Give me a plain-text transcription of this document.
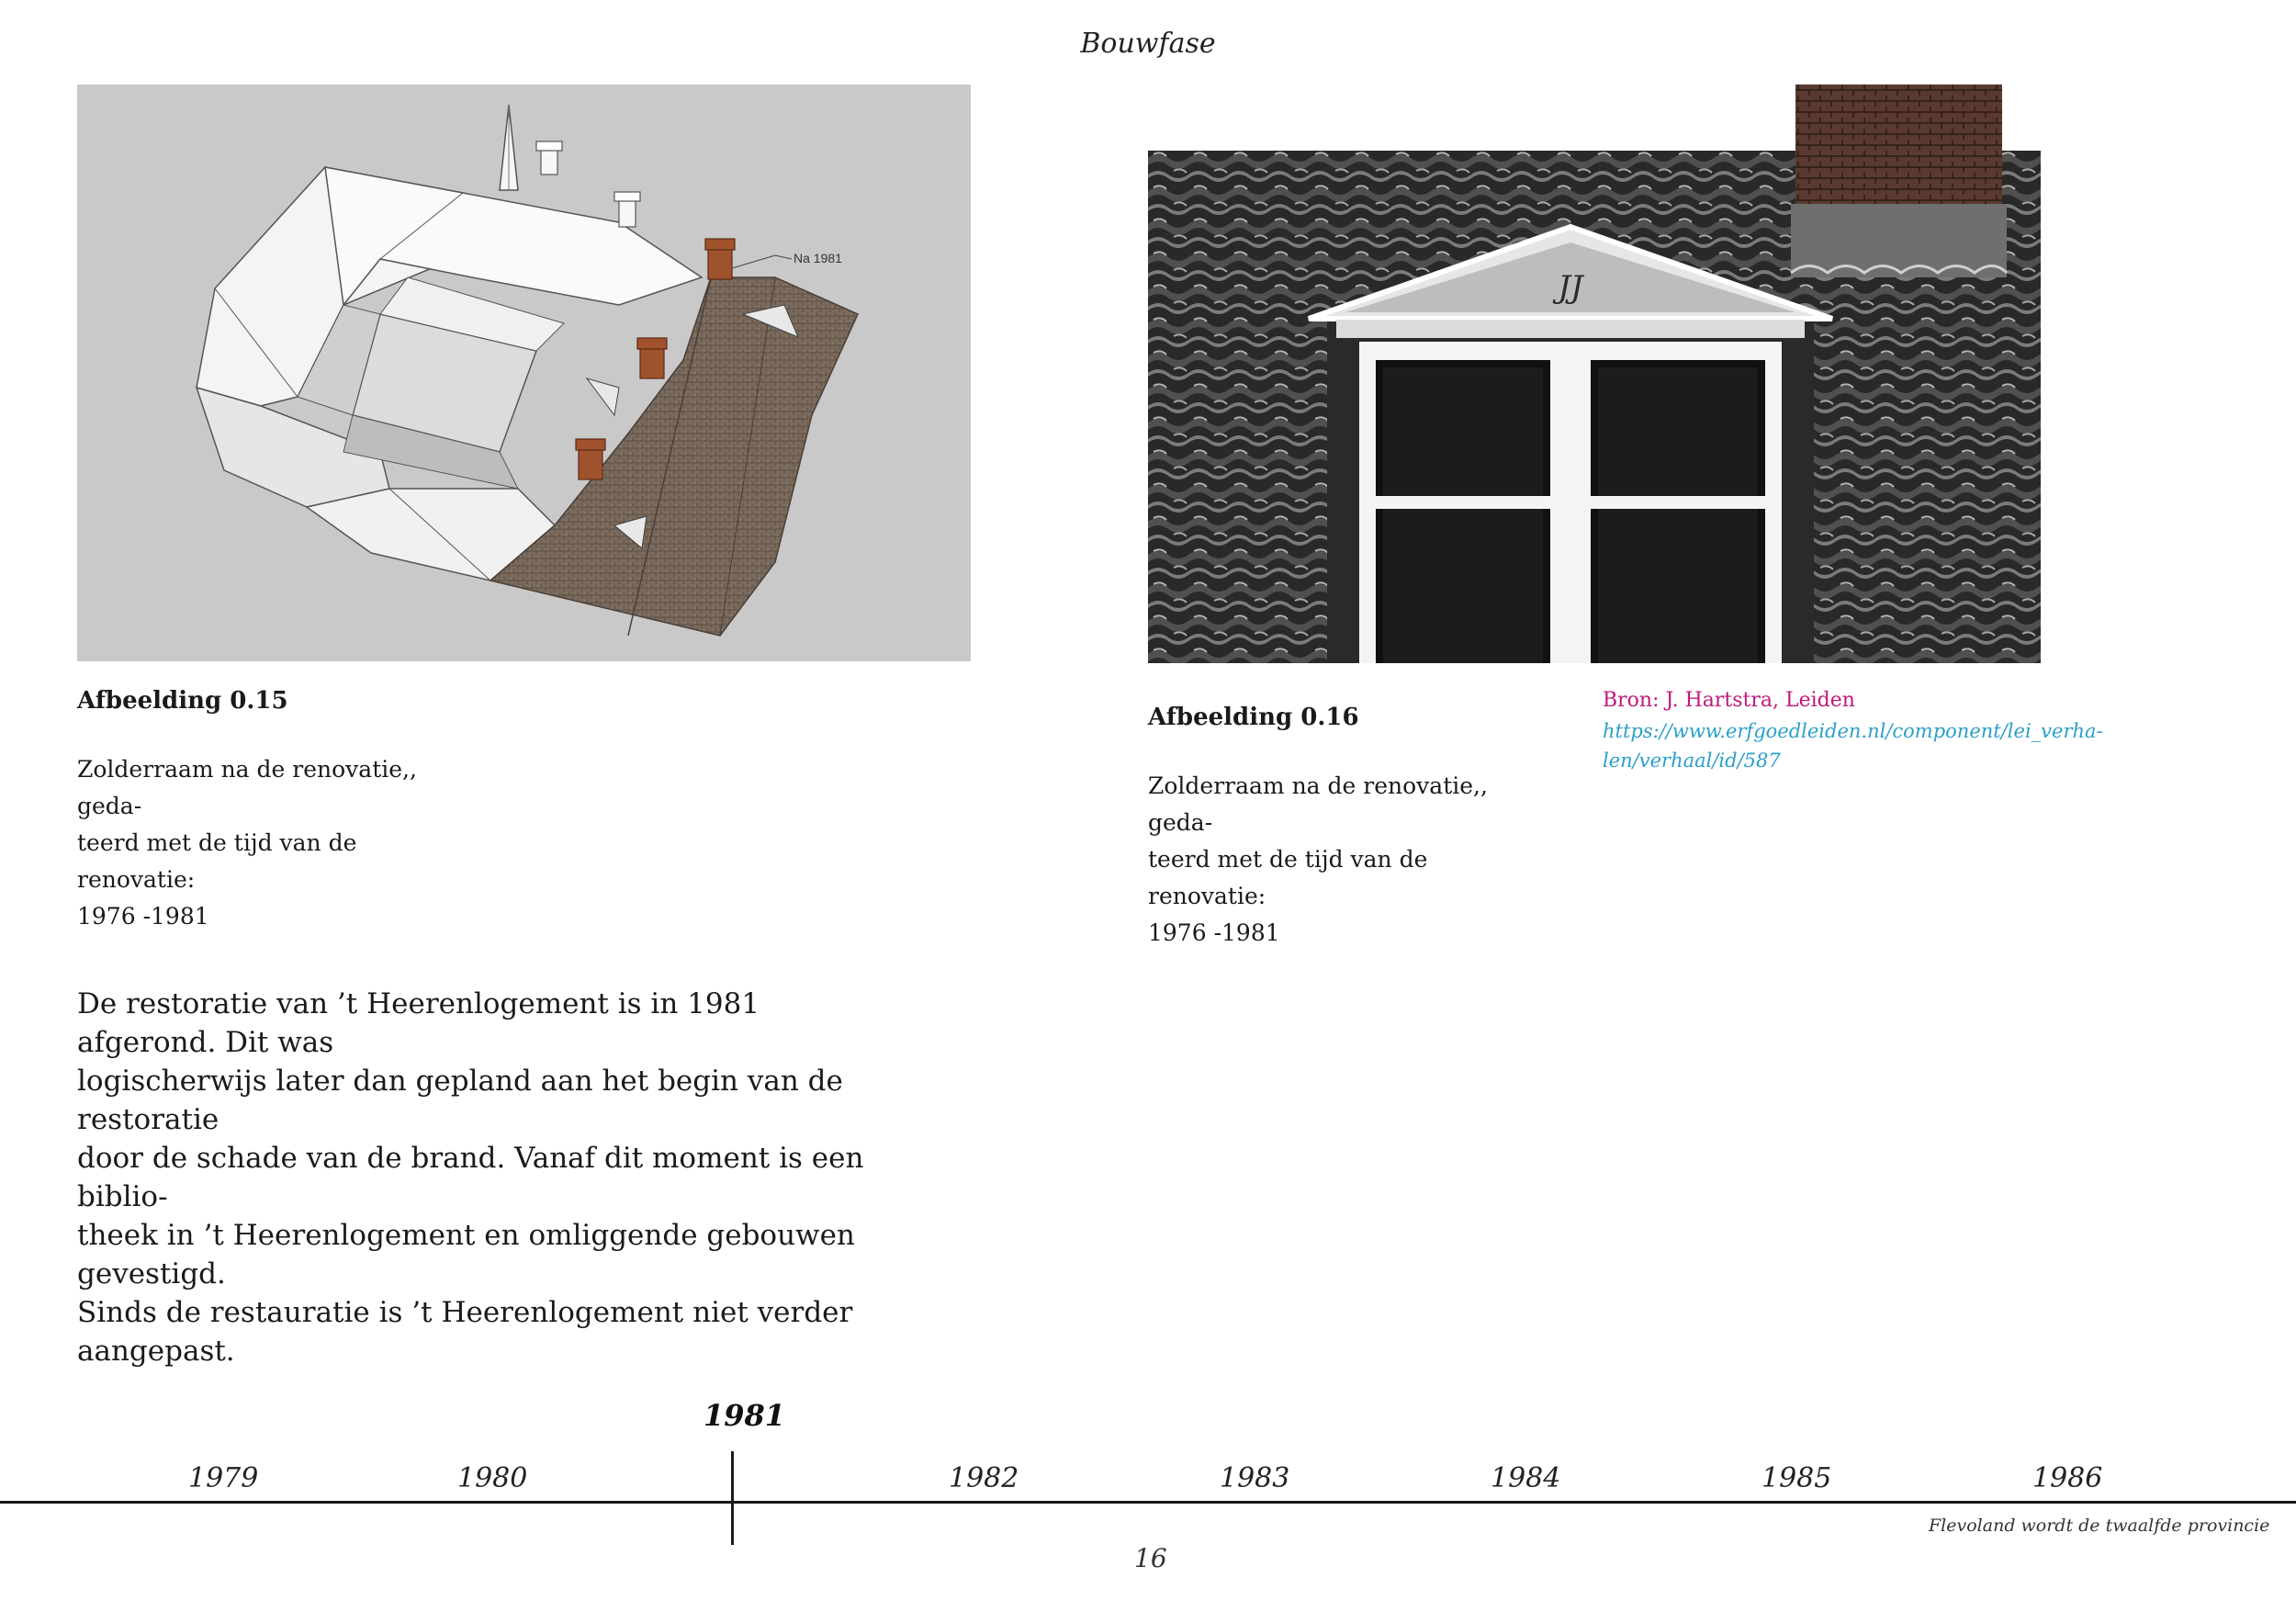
Bouwfase
Na 1981
Afbeelding 0.15
Zolderraam na de renovatie,, geda-
teerd met de tijd van de renovatie:
1976 -1981
JJ
Afbeelding 0.16
Zolderraam na de renovatie,, geda-
teerd met de tijd van de renovatie:
1976 -1981
Bron: J. Hartstra, Leiden
https://www.erfgoedleiden.nl/component/lei_verha-
len/verhaal/id/587
De restoratie van ’t Heerenlogement is in 1981 afgerond. Dit was
logischerwijs later dan gepland aan het begin van de restoratie
door de schade van de brand. Vanaf dit moment is een biblio-
theek in ’t Heerenlogement en omliggende gebouwen gevestigd.
Sinds de restauratie is ’t Heerenlogement niet verder aangepast.
1981
1979	1980	1982	1983	1984	1985	1986
Flevoland wordt de twaalfde provincie
16
